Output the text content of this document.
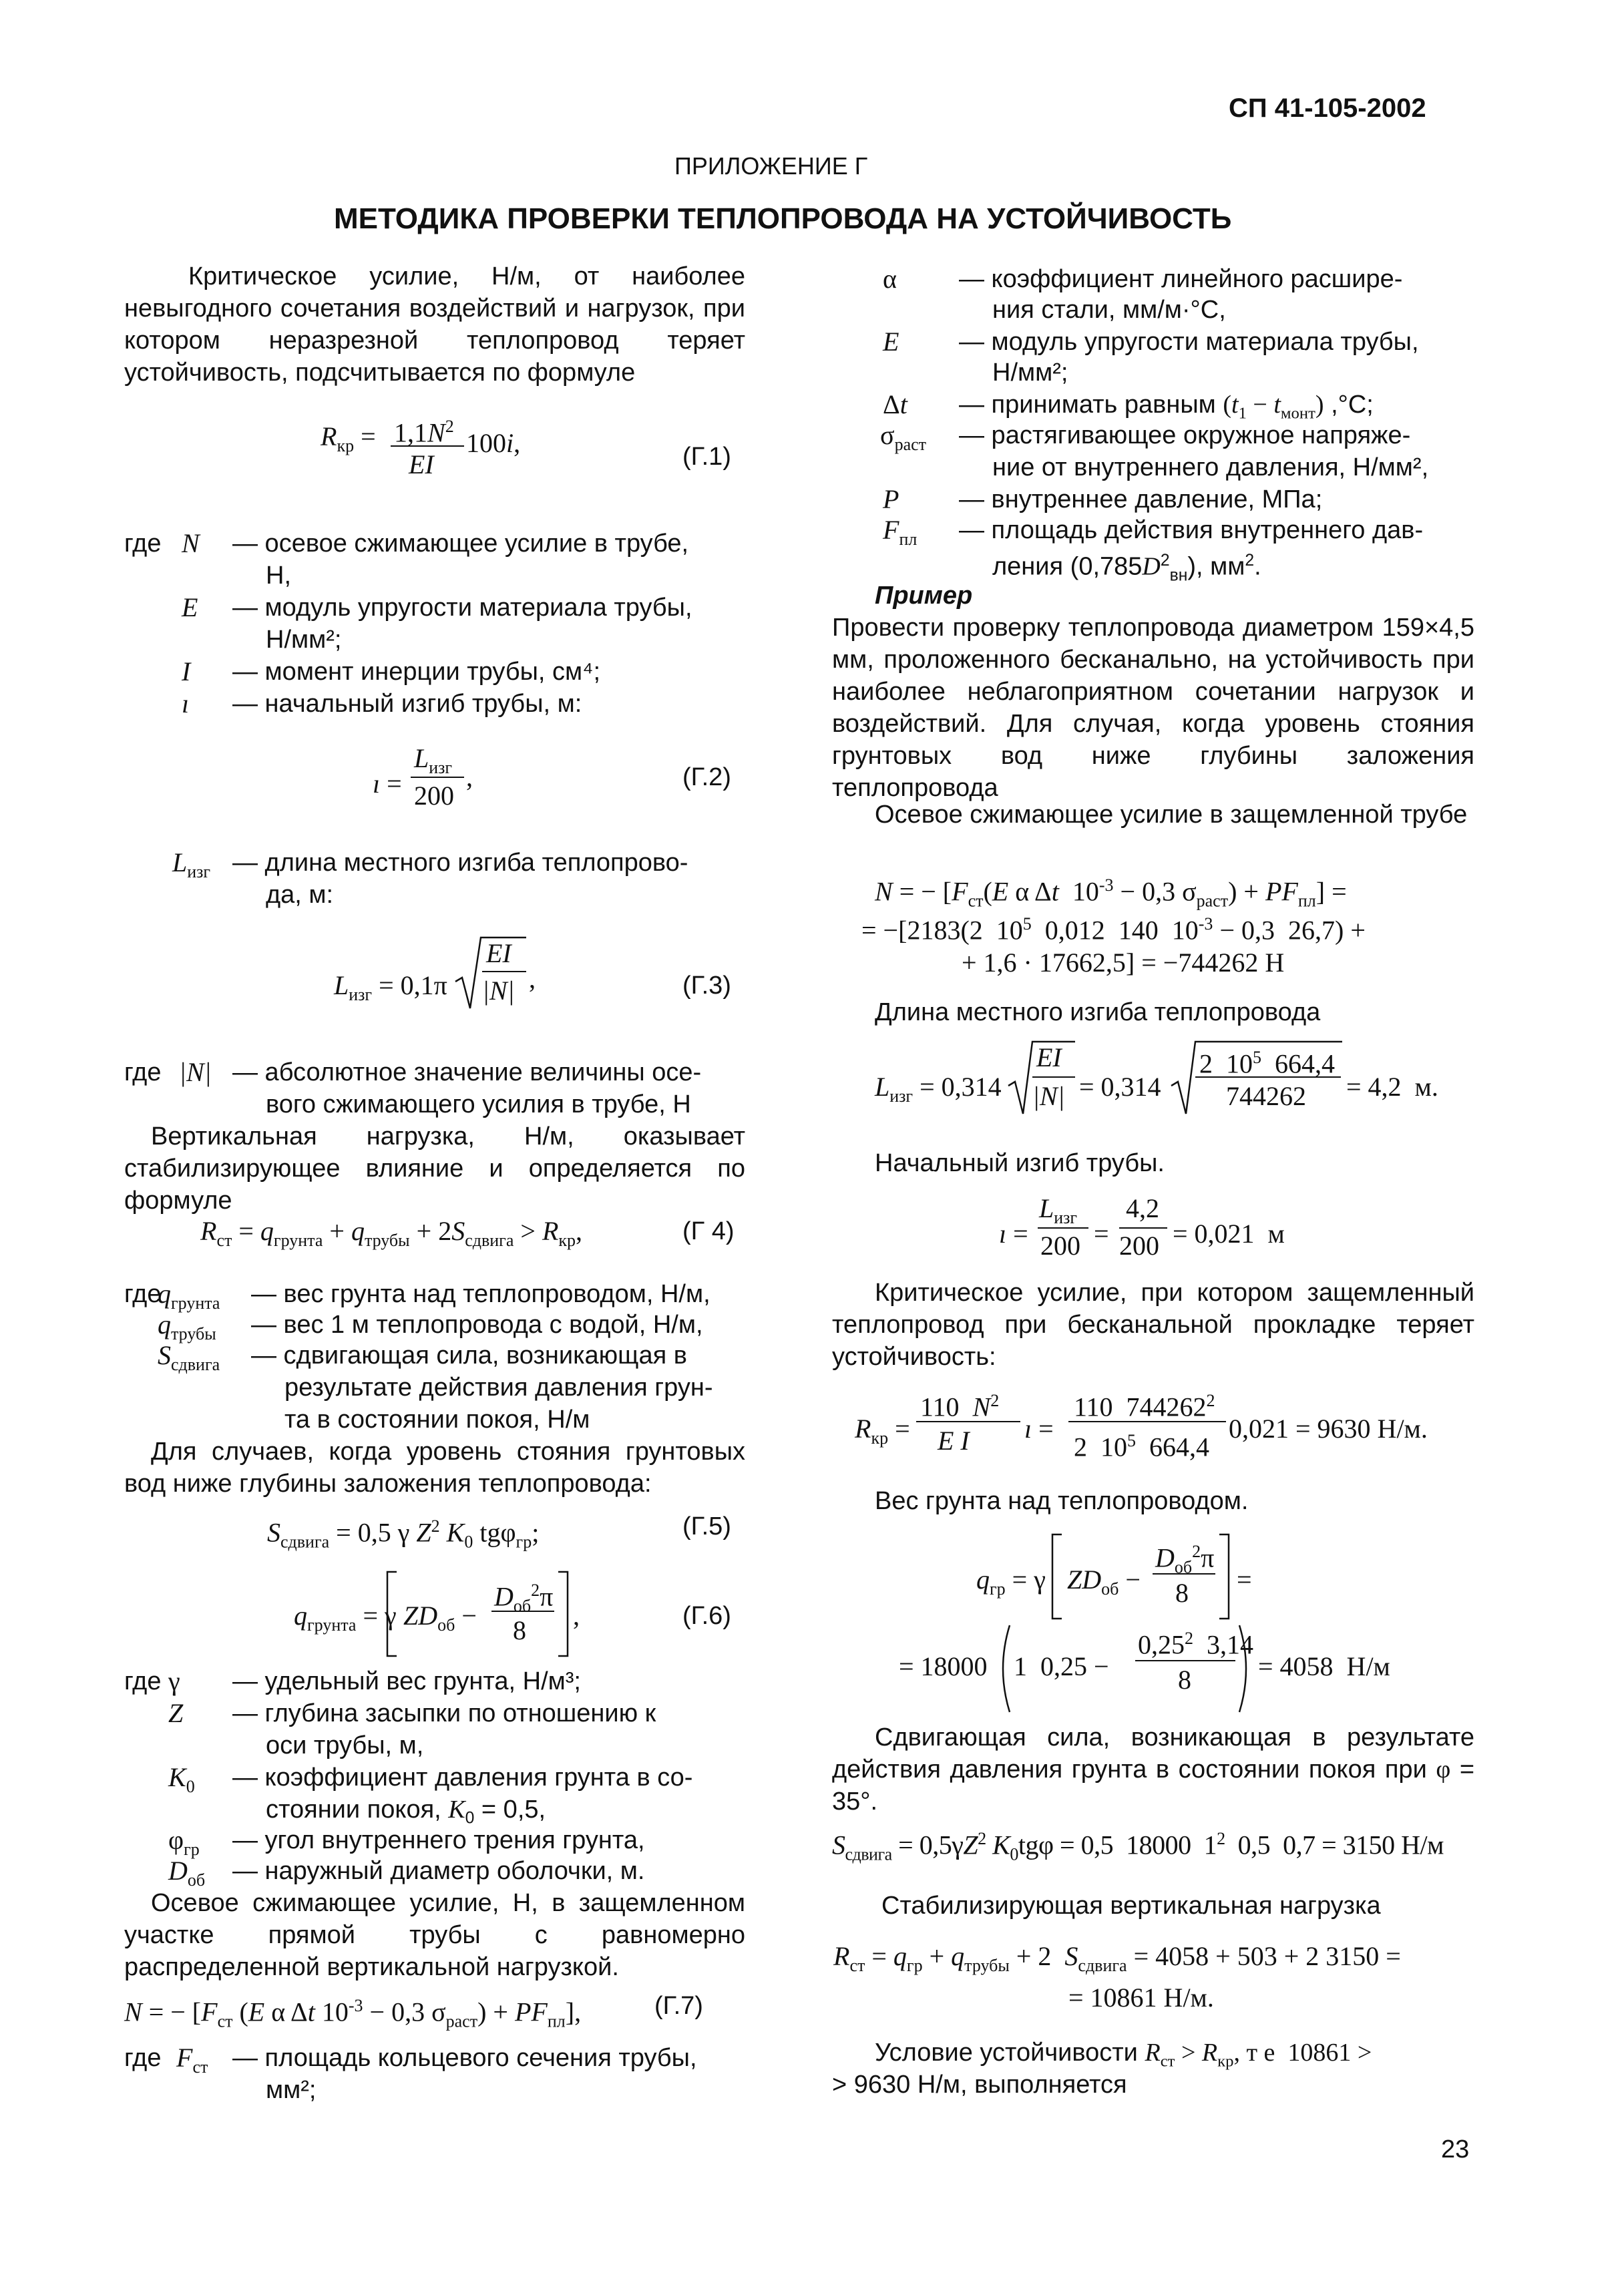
СП 41-105-2002
ПРИЛОЖЕНИЕ Г
МЕТОДИКА ПРОВЕРКИ ТЕПЛОПРОВОДА НА УСТОЙЧИВОСТЬ
Критическое усилие, Н/м, от наиболее невыгодного сочетания воздействий и нагрузок, при котором неразрезной теплопровод теряет устойчивость, подсчитывается по формуле
$R_{кр} = 1,1N^2$
EI
100i,	(Г.1)
где N — осевое сжимающее усилие в трубе,
Н,
E — модуль упругости материала трубы,
Н/мм²;
I — момент инерции трубы, см⁴;
ı — начальный изгиб трубы, м:
ı =
$L_{изг}$
200
,	(Г.2)
$L_{изг}$ — длина местного изгиба теплопрово-
да, м:
$L_{изг} = 0,1\pi$
EI
|N| ,	(Г.3)
где |N| — абсолютное значение величины осе-
вого сжимающего усилия в трубе, Н
Вертикальная нагрузка, Н/м, оказывает стабилизирующее влияние и определяется по формуле
$R_{ст} = q_{грунта} + q_{трубы} + 2S_{сдвига} > R_{кр}$,	(Г 4)
где
$q_{грунта}$ — вес грунта над теплопроводом, Н/м,
$q_{трубы}$ — вес 1 м теплопровода с водой, Н/м,
$S_{сдвига}$ — сдвигающая сила, возникающая в
результате действия давления грун-
та в состоянии покоя, Н/м
Для случаев, когда уровень стояния грунтовых вод ниже глубины заложения теплопровода:
$S_{сдвига} = 0,5$ γ $Z^2$ $K_0$ tgφ$_{гр}$;	(Г.5)
$q_{грунта} = \gamma$ $ZD_{об}$ −
$D_{об}^2\pi$
8 ,	(Г.6)
где γ — удельный вес грунта, Н/м³;
Z — глубина засыпки по отношению к
оси трубы, м,
$K_0$ — коэффициент давления грунта в со-
стоянии покоя, $K_0 = 0,5$,
$\varphi_{гр}$ — угол внутреннего трения грунта,
$D_{об}$ — наружный диаметр оболочки, м.
Осевое сжимающее усилие, Н, в защемленном участке прямой трубы с равномерно распределенной вертикальной нагрузкой.
N = − [$F_{ст}$ (E α Δt $10^{-3} - 0,3$ $\sigma_{раст}) + PF_{пл}$],	(Г.7)
где $F_{ст}$ — площадь кольцевого сечения трубы,
мм²;
α — коэффициент линейного расшире-
ния стали, мм/м·°С,
E — модуль упругости материала трубы,
Н/мм²;
Δt — принимать равным $(t_1 - t_{монт})$ ,°С;
$\sigma_{раст}$ — растягивающее окружное напряже-
ние от внутреннего давления, Н/мм²,
P — внутреннее давление, МПа;
$F_{пл}$ — площадь действия внутреннего дав-
ления $(0,785D^2_{вн})$, $мм^2$.
Пример
Провести проверку теплопровода диаметром 159×4,5 мм, проложенного бесканально, на устойчивость при наиболее неблагоприятном сочетании нагрузок и воздействий. Для случая, когда уровень стояния грунтовых вод ниже глубины заложения теплопровода
Осевое сжимающее усилие в защемленной трубе
N = − [$F_{ст}(E$ α Δt  $10^{-3} - 0,3$ $\sigma_{раст}) + PF_{пл}$] =
= −[2183(2  $10^5$  0,012  140  $10^{-3} - 0,3$  26,7) +
+ 1,6 · 17662,5] = −744262 Н
Длина местного изгиба теплопровода
$L_{изг} = 0,314$
EI
|N| = 0,314
2  $10^5$  664,4
744262 = 4,2  м.
Начальный изгиб трубы.
ı =
$L_{изг}$
200 =
4,2
200 = 0,021  м
Критическое усилие, при котором защемленный теплопровод при бесканальной прокладке теряет устойчивость:
$R_{кр}$ =
110  $N^2$
E I ı =
110  744262$^2$
2  $10^5$  664,4
0,021 = 9630 Н/м.
Вес грунта над теплопроводом.
$q_{гр} = \gamma$ $ZD_{об}$ −
$D_{об}^2\pi$
8 =
= 18000 1  0,25 −
$0,25^2$  3,14
8	= 4058  Н/м
Сдвигающая сила, возникающая в результате действия давления грунта в состоянии покоя при φ = 35°.
$S_{сдвига} = 0,5\gamma Z^2$ $K_0tg\varphi = 0,5$  18000  $1^2$  0,5  0,7 = 3150 Н/м
Стабилизирующая вертикальная нагрузка
$R_{ст} = q_{гр} + q_{трубы} + 2$  $S_{сдвига} = 4058 + 503 + 2$ 3150 =
= 10861 Н/м.
Условие устойчивости $R_{ст} > R_{кр}$, т е  10861 >
> 9630 Н/м, выполняется
23
